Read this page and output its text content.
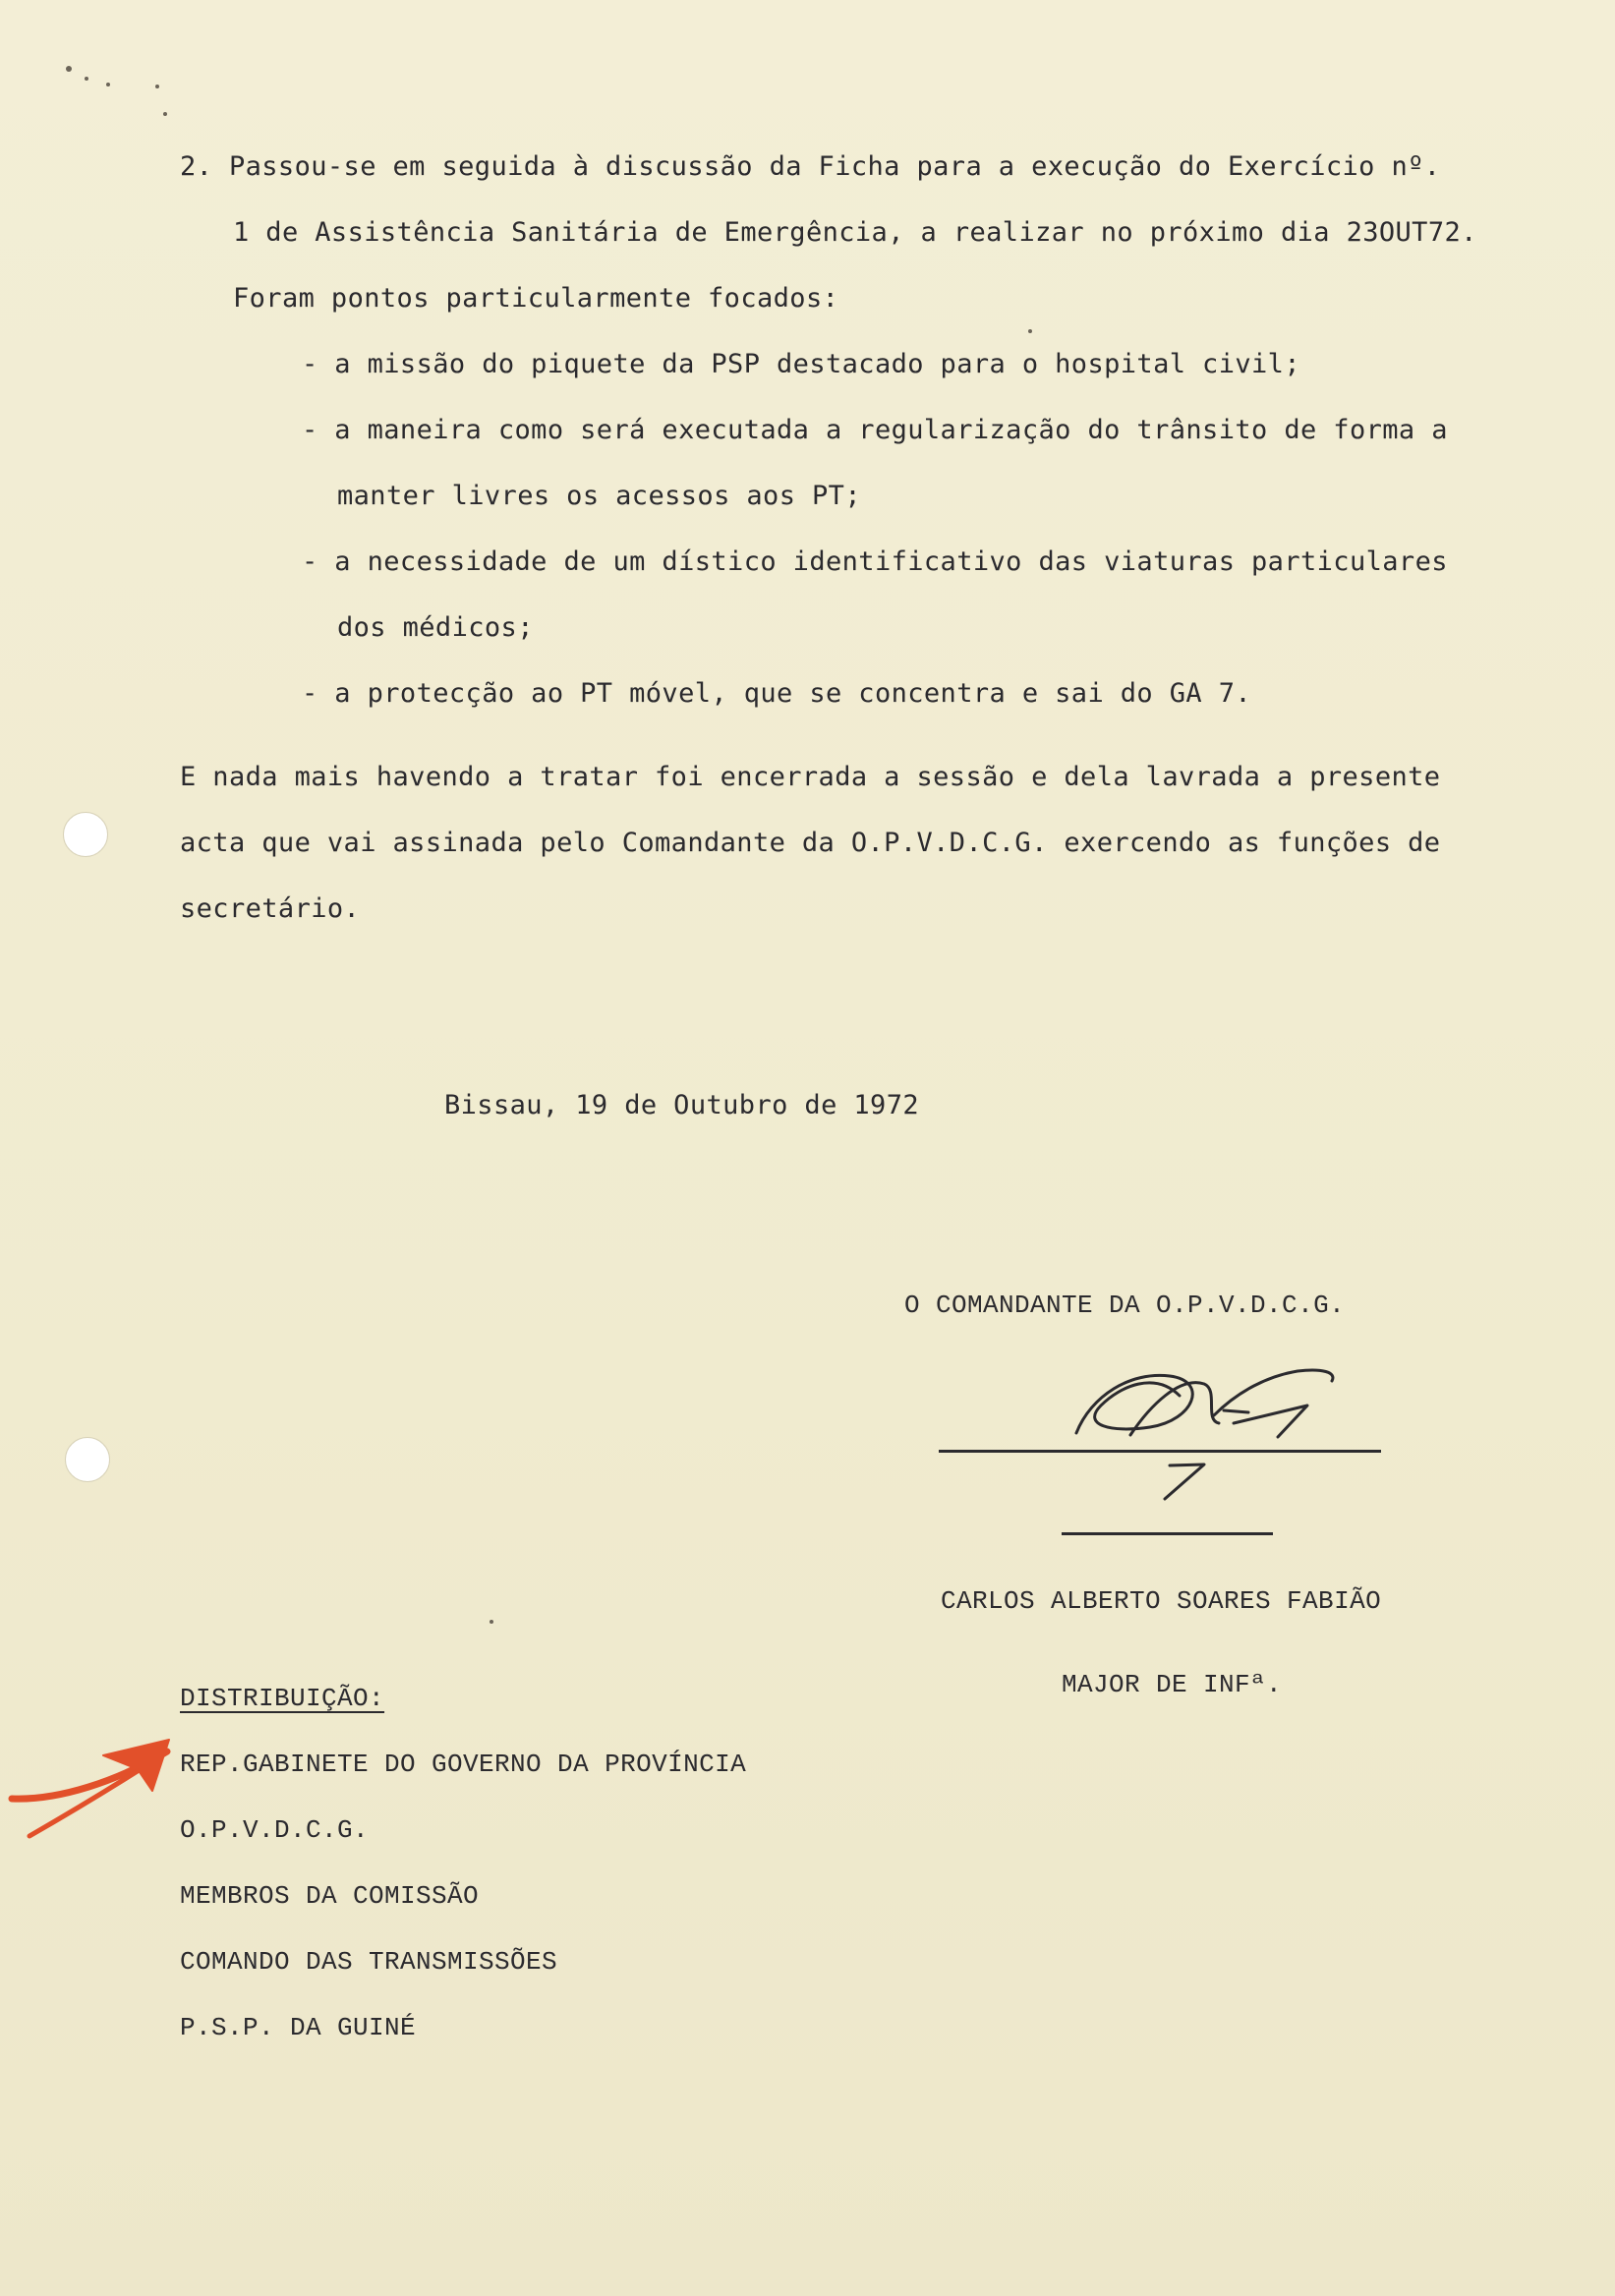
2. Passou-se em seguida à discussão da Ficha para a execução do Exercício nº.
1 de Assistência Sanitária de Emergência, a realizar no próximo dia 23OUT72.
Foram pontos particularmente focados:
- a missão do piquete da PSP destacado para o hospital civil;
- a maneira como será executada a regularização do trânsito de forma a
manter livres os acessos aos PT;
- a necessidade de um dístico identificativo das viaturas particulares
dos médicos;
- a protecção ao PT móvel, que se concentra e sai do GA 7.
E nada mais havendo a tratar foi encerrada a sessão e dela lavrada a presente
acta que vai assinada pelo Comandante da O.P.V.D.C.G. exercendo as funções de
secretário.
Bissau, 19 de Outubro de 1972
O COMANDANTE DA O.P.V.D.C.G.
CARLOS ALBERTO SOARES FABIÃO
MAJOR DE INFª.
DISTRIBUIÇÃO:
REP.GABINETE DO GOVERNO DA PROVÍNCIA
O.P.V.D.C.G.
MEMBROS DA COMISSÃO
COMANDO DAS TRANSMISSÕES
P.S.P. DA GUINÉ
